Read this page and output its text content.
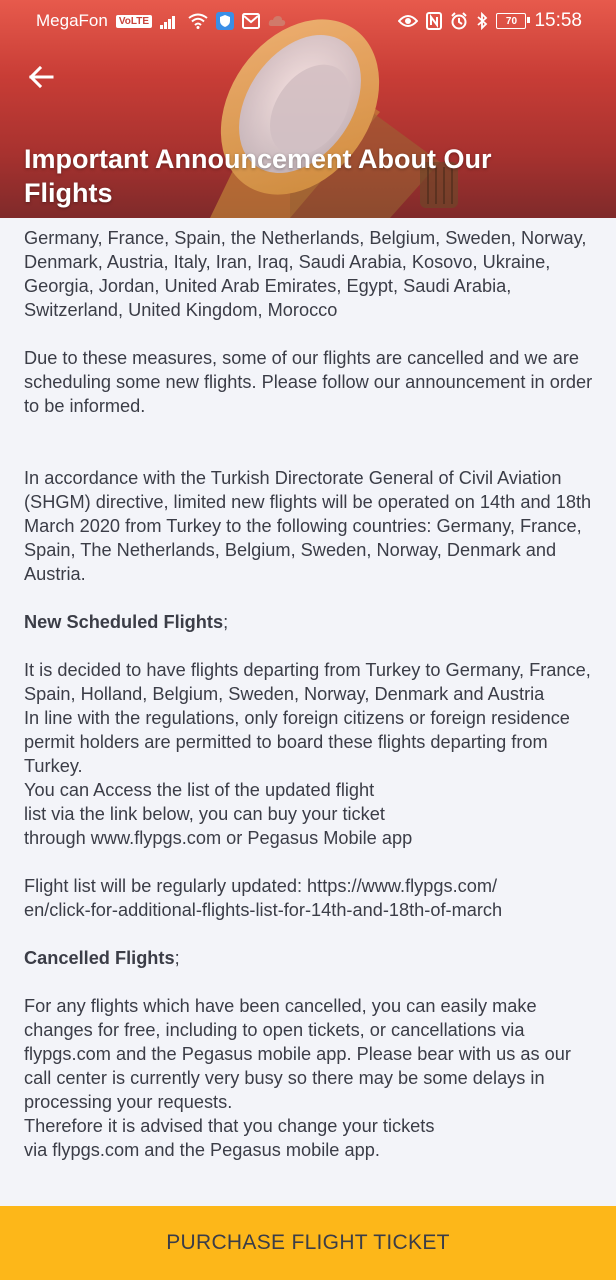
MegaFon	VoLTE	70 15:58
Important Announcement About Our Flights

Germany, France, Spain, the Netherlands, Belgium, Sweden, Norway, Denmark, Austria, Italy, Iran, Iraq, Saudi Arabia, Kosovo, Ukraine, Georgia, Jordan, United Arab Emirates, Egypt, Saudi Arabia, Switzerland, United Kingdom, Morocco

Due to these measures, some of our flights are cancelled and we are scheduling some new flights. Please follow our announcement in order to be informed.

In accordance with the Turkish Directorate General of Civil Aviation (SHGM) directive, limited new flights will be operated on 14th and 18th March 2020 from Turkey to the following countries: Germany, France, Spain, The Netherlands, Belgium, Sweden, Norway, Denmark and Austria.

New Scheduled Flights;

It is decided to have flights departing from Turkey to Germany, France, Spain, Holland, Belgium, Sweden, Norway, Denmark and Austria

In line with the regulations, only foreign citizens or foreign residence permit holders are permitted to board these flights departing from Turkey.

You can Access the list of the updated flight

list via the link below, you can buy your ticket

through www.flypgs.com or Pegasus Mobile app

Flight list will be regularly updated: https://www.flypgs.com/

en/click-for-additional-flights-list-for-14th-and-18th-of-march

Cancelled Flights;

For any flights which have been cancelled, you can easily make changes for free, including to open tickets, or cancellations via flypgs.com and the Pegasus mobile app. Please bear with us as our call center is currently very busy so there may be some delays in processing your requests.

Therefore it is advised that you change your tickets

via flypgs.com and the Pegasus mobile app.

PURCHASE FLIGHT TICKET
